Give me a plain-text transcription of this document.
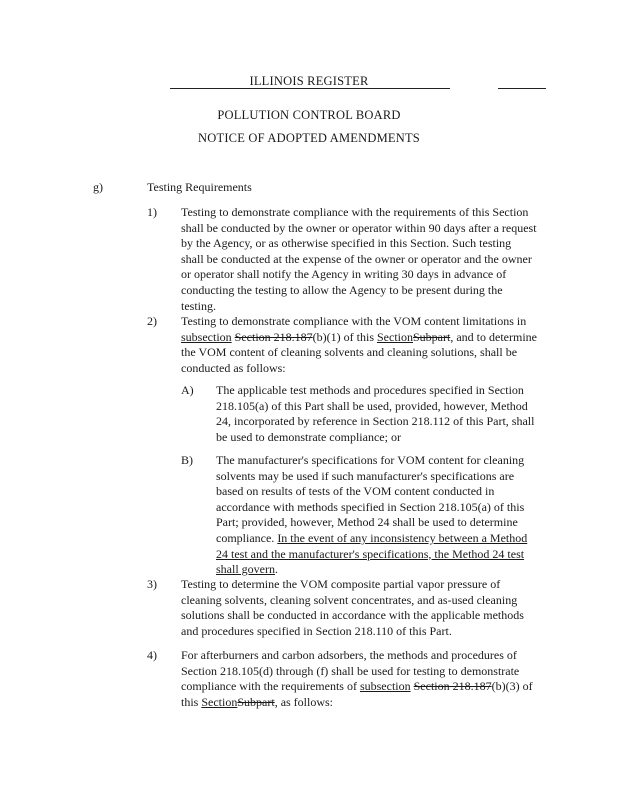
ILLINOIS REGISTER
POLLUTION CONTROL BOARD
NOTICE OF ADOPTED AMENDMENTS
g)	Testing Requirements
1) Testing to demonstrate compliance with the requirements of this Section
shall be conducted by the owner or operator within 90 days after a request
by the Agency, or as otherwise specified in this Section. Such testing
shall be conducted at the expense of the owner or operator and the owner
or operator shall notify the Agency in writing 30 days in advance of
conducting the testing to allow the Agency to be present during the
testing.
2) Testing to demonstrate compliance with the VOM content limitations in
subsection Section 218.187(b)(1) of this SectionSubpart, and to determine
the VOM content of cleaning solvents and cleaning solutions, shall be
conducted as follows:
A) The applicable test methods and procedures specified in Section
218.105(a) of this Part shall be used, provided, however, Method
24, incorporated by reference in Section 218.112 of this Part, shall
be used to demonstrate compliance; or
B) The manufacturer's specifications for VOM content for cleaning
solvents may be used if such manufacturer's specifications are
based on results of tests of the VOM content conducted in
accordance with methods specified in Section 218.105(a) of this
Part; provided, however, Method 24 shall be used to determine
compliance. In the event of any inconsistency between a Method
24 test and the manufacturer's specifications, the Method 24 test
shall govern.
3) Testing to determine the VOM composite partial vapor pressure of
cleaning solvents, cleaning solvent concentrates, and as-used cleaning
solutions shall be conducted in accordance with the applicable methods
and procedures specified in Section 218.110 of this Part.
4) For afterburners and carbon adsorbers, the methods and procedures of
Section 218.105(d) through (f) shall be used for testing to demonstrate
compliance with the requirements of subsection Section 218.187(b)(3) of
this SectionSubpart, as follows:
